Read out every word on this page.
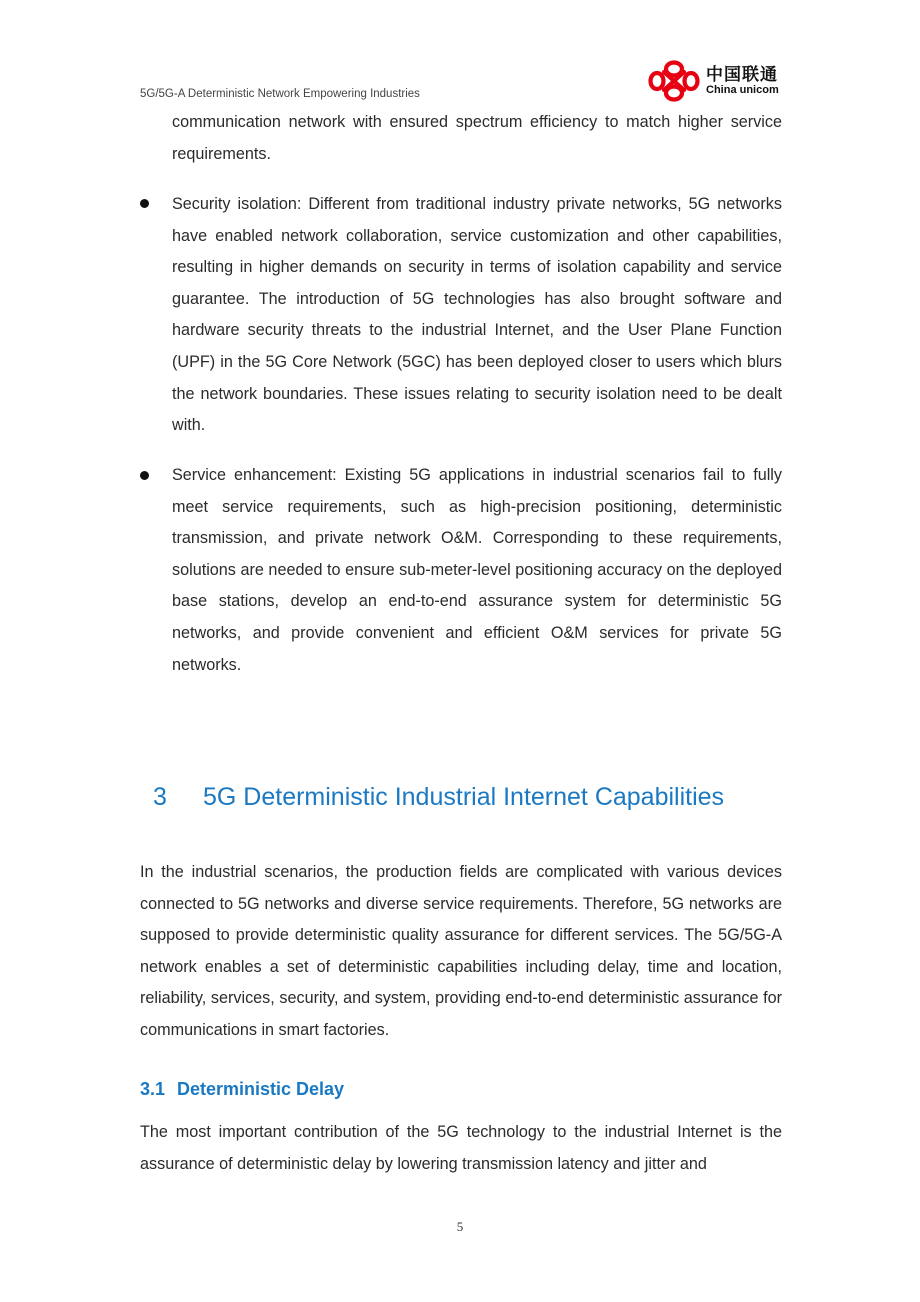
5G/5G-A Deterministic Network Empowering Industries
中国联通
China unicom
communication network with ensured spectrum efficiency to match higher service requirements.
Security isolation: Different from traditional industry private networks, 5G networks have enabled network collaboration, service customization and other capabilities, resulting in higher demands on security in terms of isolation capability and service guarantee. The introduction of 5G technologies has also brought software and hardware security threats to the industrial Internet, and the User Plane Function (UPF) in the 5G Core Network (5GC) has been deployed closer to users which blurs the network boundaries. These issues relating to security isolation need to be dealt with.
Service enhancement: Existing 5G applications in industrial scenarios fail to fully meet service requirements, such as high-precision positioning, deterministic transmission, and private network O&M. Corresponding to these requirements, solutions are needed to ensure sub-meter-level positioning accuracy on the deployed base stations, develop an end-to-end assurance system for deterministic 5G networks, and provide convenient and efficient O&M services for private 5G networks.
3	5G Deterministic Industrial Internet Capabilities
In the industrial scenarios, the production fields are complicated with various devices connected to 5G networks and diverse service requirements. Therefore, 5G networks are supposed to provide deterministic quality assurance for different services. The 5G/5G-A network enables a set of deterministic capabilities including delay, time and location, reliability, services, security, and system, providing end-to-end deterministic assurance for communications in smart factories.
3.1 Deterministic Delay
The most important contribution of the 5G technology to the industrial Internet is the assurance of deterministic delay by lowering transmission latency and jitter and
5
